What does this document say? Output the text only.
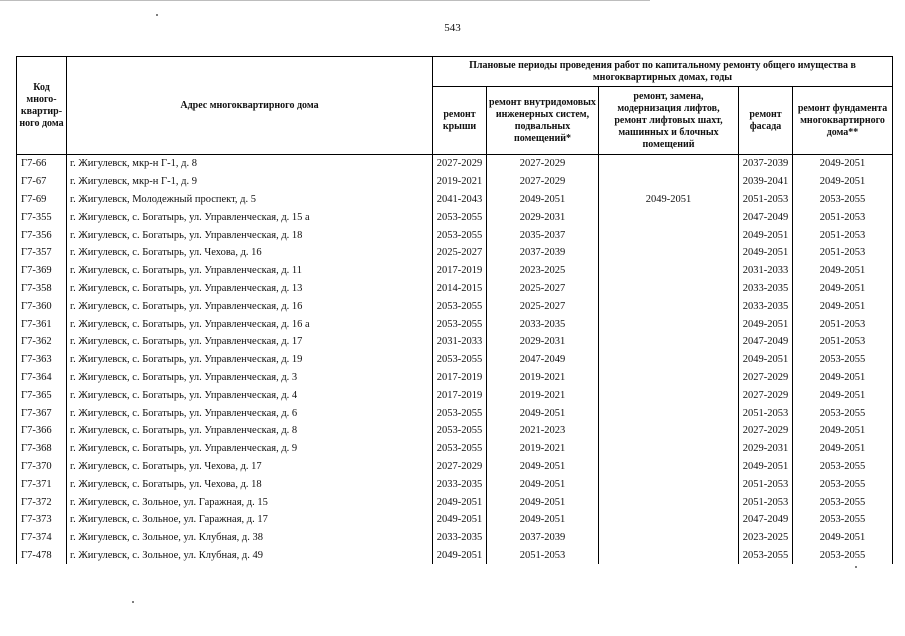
543
Код много-квартир-ного дома	Адрес многоквартирного дома	Плановые периоды проведения работ по капитальному ремонту общего имущества в многоквартирных домах, годы				
		ремонт крыши	ремонт внутридомовых инженерных систем, подвальных помещений*	ремонт, замена, модернизация лифтов, ремонт лифтовых шахт, машинных и блочных помещений	ремонт фасада	ремонт фундамента многоквартирного дома**
Г7-66	г. Жигулевск, мкр-н Г-1, д. 8	2027-2029	2027-2029		2037-2039	2049-2051
Г7-67	г. Жигулевск, мкр-н Г-1, д. 9	2019-2021	2027-2029		2039-2041	2049-2051
Г7-69	г. Жигулевск, Молодежный проспект, д. 5	2041-2043	2049-2051	2049-2051	2051-2053	2053-2055
Г7-355	г. Жигулевск, с. Богатырь, ул. Управленческая, д. 15 а	2053-2055	2029-2031		2047-2049	2051-2053
Г7-356	г. Жигулевск, с. Богатырь, ул. Управленческая, д. 18	2053-2055	2035-2037		2049-2051	2051-2053
Г7-357	г. Жигулевск, с. Богатырь, ул. Чехова, д. 16	2025-2027	2037-2039		2049-2051	2051-2053
Г7-369	г. Жигулевск, с. Богатырь, ул. Управленческая, д. 11	2017-2019	2023-2025		2031-2033	2049-2051
Г7-358	г. Жигулевск, с. Богатырь, ул. Управленческая, д. 13	2014-2015	2025-2027		2033-2035	2049-2051
Г7-360	г. Жигулевск, с. Богатырь, ул. Управленческая, д. 16	2053-2055	2025-2027		2033-2035	2049-2051
Г7-361	г. Жигулевск, с. Богатырь, ул. Управленческая, д. 16 а	2053-2055	2033-2035		2049-2051	2051-2053
Г7-362	г. Жигулевск, с. Богатырь, ул. Управленческая, д. 17	2031-2033	2029-2031		2047-2049	2051-2053
Г7-363	г. Жигулевск, с. Богатырь, ул. Управленческая, д. 19	2053-2055	2047-2049		2049-2051	2053-2055
Г7-364	г. Жигулевск, с. Богатырь, ул. Управленческая, д. 3	2017-2019	2019-2021		2027-2029	2049-2051
Г7-365	г. Жигулевск, с. Богатырь, ул. Управленческая, д. 4	2017-2019	2019-2021		2027-2029	2049-2051
Г7-367	г. Жигулевск, с. Богатырь, ул. Управленческая, д. 6	2053-2055	2049-2051		2051-2053	2053-2055
Г7-366	г. Жигулевск, с. Богатырь, ул. Управленческая, д. 8	2053-2055	2021-2023		2027-2029	2049-2051
Г7-368	г. Жигулевск, с. Богатырь, ул. Управленческая, д. 9	2053-2055	2019-2021		2029-2031	2049-2051
Г7-370	г. Жигулевск, с. Богатырь, ул. Чехова, д. 17	2027-2029	2049-2051		2049-2051	2053-2055
Г7-371	г. Жигулевск, с. Богатырь, ул. Чехова, д. 18	2033-2035	2049-2051		2051-2053	2053-2055
Г7-372	г. Жигулевск, с. Зольное, ул. Гаражная, д. 15	2049-2051	2049-2051		2051-2053	2053-2055
Г7-373	г. Жигулевск, с. Зольное, ул. Гаражная, д. 17	2049-2051	2049-2051		2047-2049	2053-2055
Г7-374	г. Жигулевск, с. Зольное, ул. Клубная, д. 38	2033-2035	2037-2039		2023-2025	2049-2051
Г7-478	г. Жигулевск, с. Зольное, ул. Клубная, д. 49	2049-2051	2051-2053		2053-2055	2053-2055
